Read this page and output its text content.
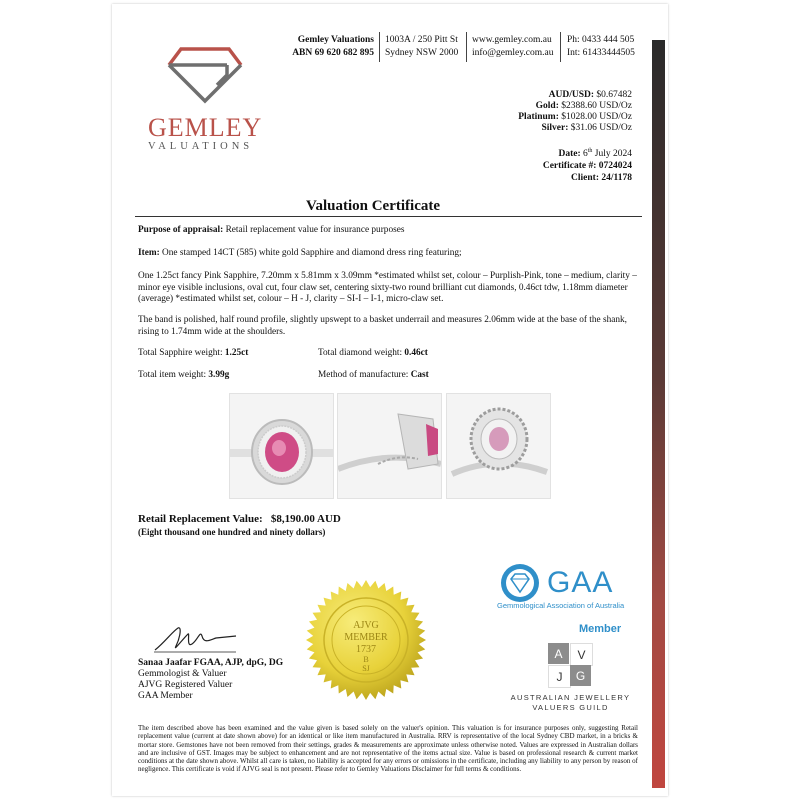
GEMLEY
VALUATIONS
Gemley Valuations
ABN 69 620 682 895
1003A / 250 Pitt St
Sydney NSW 2000
www.gemley.com.au
info@gemley.com.au
Ph: 0433 444 505
Int: 61433444505
AUD/USD: $0.67482
Gold: $2388.60 USD/Oz
Platinum: $1028.00 USD/Oz
Silver: $31.06 USD/Oz
Date: 6th July 2024
Certificate #: 0724024
Client: 24/1178
Valuation Certificate
Purpose of appraisal: Retail replacement value for insurance purposes
Item: One stamped 14CT (585) white gold Sapphire and diamond dress ring featuring;
One 1.25ct fancy Pink Sapphire, 7.20mm x 5.81mm x 3.09mm *estimated whilst set, colour – Purplish-Pink, tone – medium, clarity – minor eye visible inclusions, oval cut, four claw set, centering sixty-two round brilliant cut diamonds, 0.46ct tdw, 1.18mm diameter (average) *estimated whilst set, colour – H - J, clarity – SI-I – I-1, micro-claw set.
The band is polished, half round profile, slightly upswept to a basket underrail and measures 2.06mm wide at the base of the shank, rising to 1.74mm wide at the shoulders.
Total Sapphire weight: 1.25ct	Total diamond weight: 0.46ct
Total item weight: 3.99g	Method of manufacture: Cast
Retail Replacement Value: $8,190.00 AUD
(Eight thousand one hundred and ninety dollars)
AJVG
MEMBER
1737
B
SJ
Sanaa Jaafar FGAA, AJP, dpG, DG
Gemmologist & Valuer
AJVG Registered Valuer
GAA Member
GAA
Gemmological Association of Australia
Member
A	V
J	G
AUSTRALIAN JEWELLERY
VALUERS GUILD
The item described above has been examined and the value given is based solely on the valuer's opinion. This valuation is for insurance purposes only, suggesting Retail replacement value (current at date shown above) for an identical or like item manufactured in Australia. RRV is representative of the local Sydney CBD market, in a bricks & mortar store. Gemstones have not been removed from their settings, grades & measurements are approximate unless otherwise noted. Values are expressed in Australian dollars and are inclusive of GST. Images may be subject to enhancement and are not representative of the items actual size. Value is based on professional research & current market conditions at the date shown above. Whilst all care is taken, no liability is accepted for any errors or omissions in the certificate, including any liability to any person by reason of negligence. This certificate is void if AJVG seal is not present. Please refer to Gemley Valuations Disclaimer for full terms & conditions.
